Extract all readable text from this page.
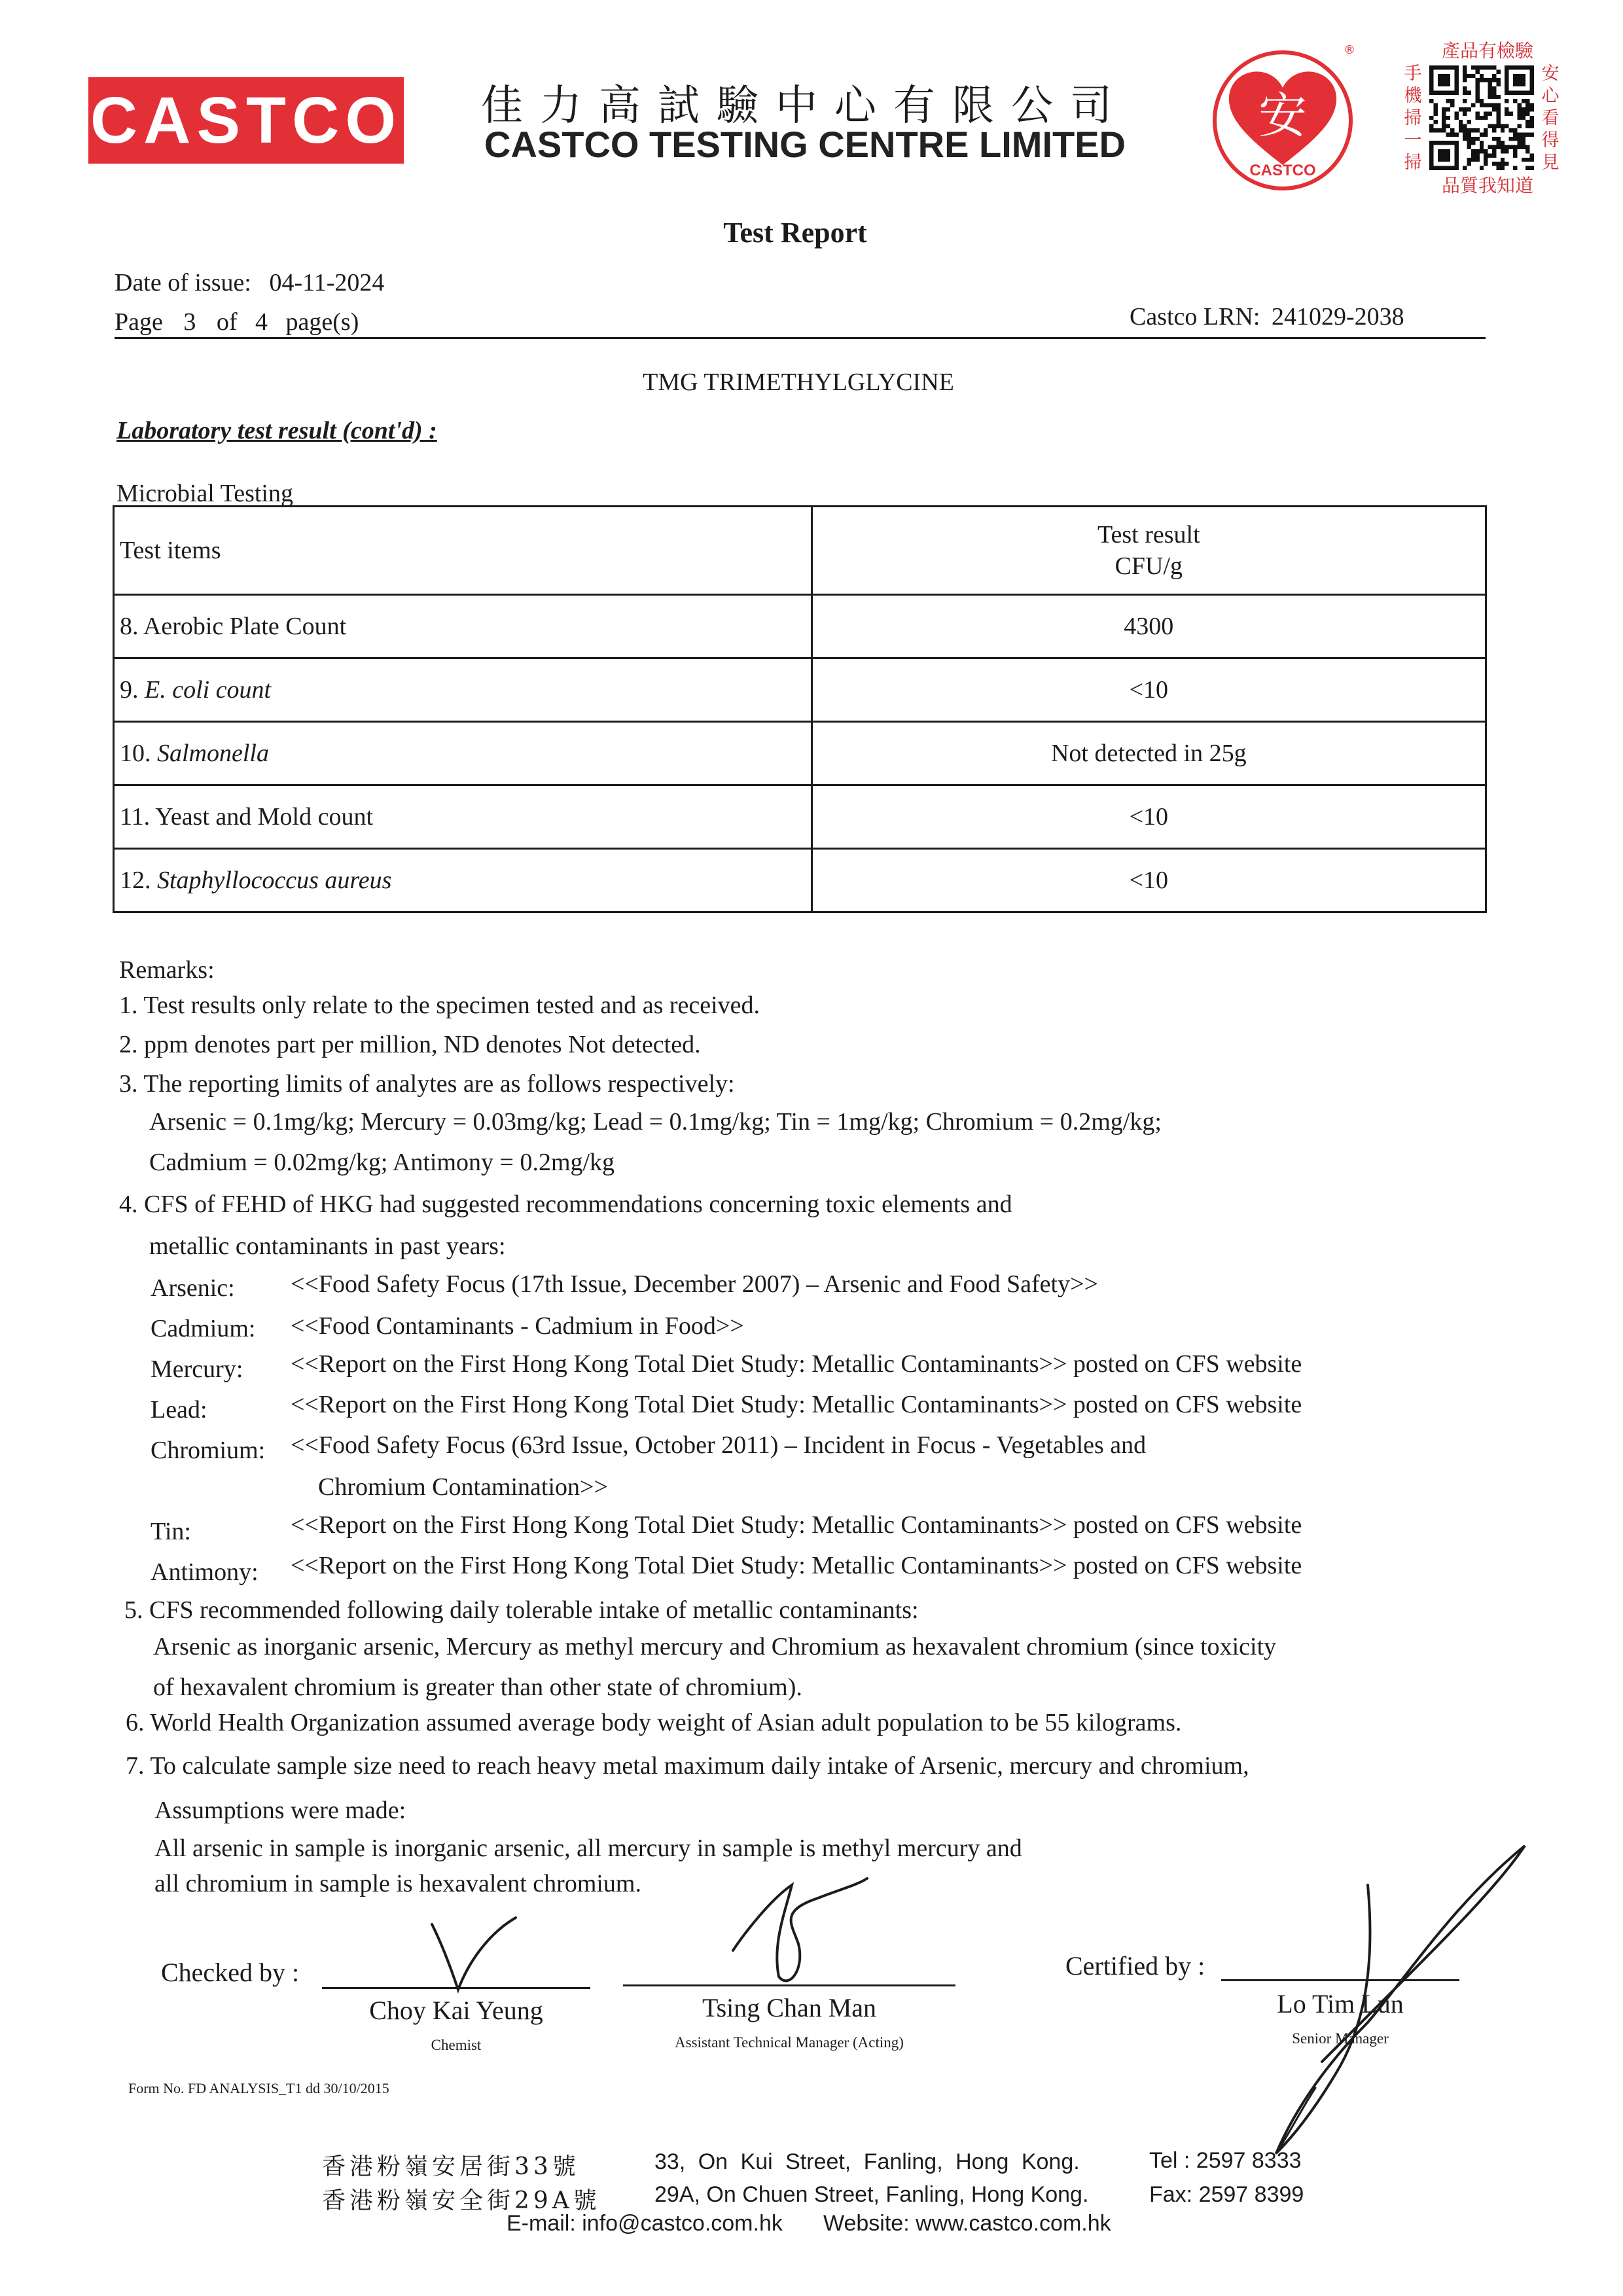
CASTCO 佳力高試驗中心有限公司
CASTCO TESTING CENTRE LIMITED
安
CASTCO
®	產品有檢驗
手
機
掃
一
掃
安
心
看
得
見
品質我知道
Test Report
Date of issue: 04-11-2024
Page 3 of 4 page(s)	Castco LRN: 241029-2038
TMG TRIMETHYLGLYCINE
Laboratory test result (cont'd) :
Microbial Testing
Test items	Test result
CFU/g

8. Aerobic Plate Count	4300
9. E. coli count	<10
10. Salmonella	Not detected in 25g
11. Yeast and Mold count	<10
12. Staphyllococcus aureus	<10
Remarks:
1. Test results only relate to the specimen tested and as received.
2. ppm denotes part per million, ND denotes Not detected.
3. The reporting limits of analytes are as follows respectively:
Arsenic = 0.1mg/kg; Mercury = 0.03mg/kg; Lead = 0.1mg/kg; Tin = 1mg/kg; Chromium = 0.2mg/kg;
Cadmium = 0.02mg/kg; Antimony = 0.2mg/kg
4. CFS of FEHD of HKG had suggested recommendations concerning toxic elements and
metallic contaminants in past years:
Arsenic: <<Food Safety Focus (17th Issue, December 2007) – Arsenic and Food Safety>>
Cadmium: <<Food Contaminants - Cadmium in Food>>
Mercury: <<Report on the First Hong Kong Total Diet Study: Metallic Contaminants>> posted on CFS website
Lead:	<<Report on the First Hong Kong Total Diet Study: Metallic Contaminants>> posted on CFS website
Chromium: <<Food Safety Focus (63rd Issue, October 2011) – Incident in Focus - Vegetables and
Chromium Contamination>>
Tin:	<<Report on the First Hong Kong Total Diet Study: Metallic Contaminants>> posted on CFS website
Antimony: <<Report on the First Hong Kong Total Diet Study: Metallic Contaminants>> posted on CFS website
5. CFS recommended following daily tolerable intake of metallic contaminants:
Arsenic as inorganic arsenic, Mercury as methyl mercury and Chromium as hexavalent chromium (since toxicity
of hexavalent chromium is greater than other state of chromium).
6. World Health Organization assumed average body weight of Asian adult population to be 55 kilograms.
7. To calculate sample size need to reach heavy metal maximum daily intake of Arsenic, mercury and chromium,
Assumptions were made:
All arsenic in sample is inorganic arsenic, all mercury in sample is methyl mercury and
all chromium in sample is hexavalent chromium.
Checked by :	Certified by :
Choy Kai Yeung
Chemist
Tsing Chan Man
Assistant Technical Manager (Acting)
Lo Tim Lun
Senior Manager
Form No. FD ANALYSIS_T1 dd 30/10/2015
香港粉嶺安居街33號	33, On Kui Street, Fanling, Hong Kong.	Tel : 2597 8333
香港粉嶺安全街29A號 29A, On Chuen Street, Fanling, Hong Kong.	Fax: 2597 8399
E-mail: info@castco.com.hk Website: www.castco.com.hk
